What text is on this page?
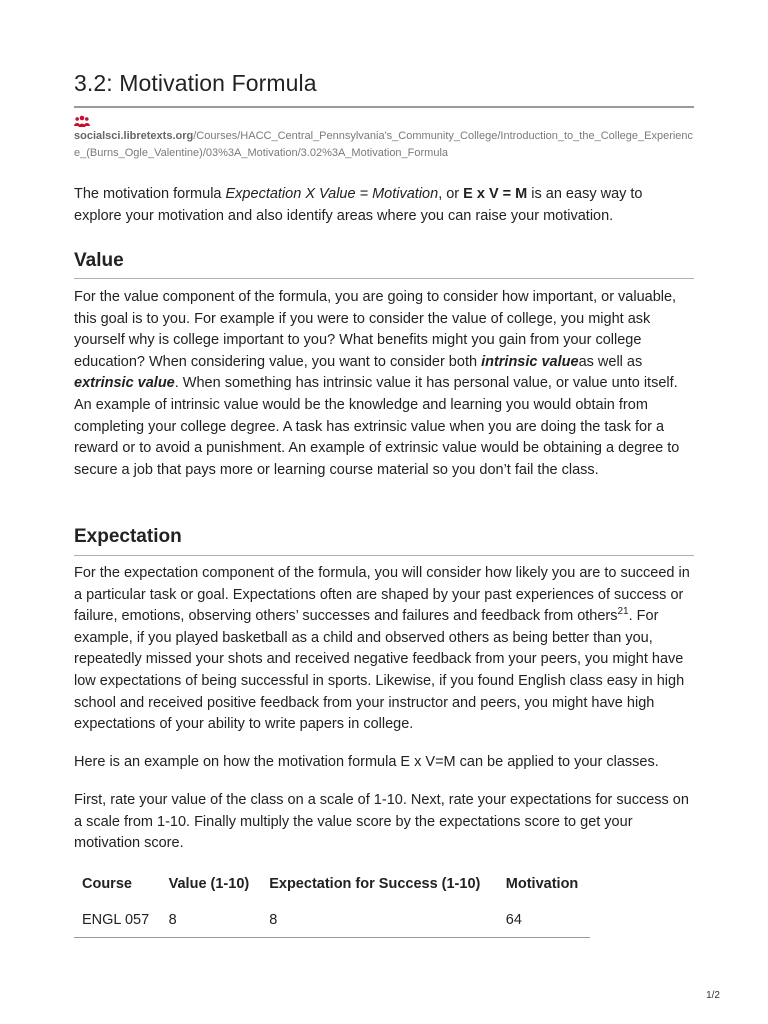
3.2: Motivation Formula
socialsci.libretexts.org/Courses/HACC_Central_Pennsylvania's_Community_College/Introduction_to_the_College_Experience_(Burns_Ogle_Valentine)/03%3A_Motivation/3.02%3A_Motivation_Formula

The motivation formula Expectation X Value = Motivation, or E x V = M is an easy way to explore your motivation and also identify areas where you can raise your motivation.

Value

For the value component of the formula, you are going to consider how important, or valuable, this goal is to you. For example if you were to consider the value of college, you might ask yourself why is college important to you? What benefits might you gain from your college education? When considering value, you want to consider both intrinsic valueas well as extrinsic value. When something has intrinsic value it has personal value, or value unto itself. An example of intrinsic value would be the knowledge and learning you would obtain from completing your college degree. A task has extrinsic value when you are doing the task for a reward or to avoid a punishment. An example of extrinsic value would be obtaining a degree to secure a job that pays more or learning course material so you don’t fail the class.

Expectation

For the expectation component of the formula, you will consider how likely you are to succeed in a particular task or goal. Expectations often are shaped by your past experiences of success or failure, emotions, observing others’ successes and failures and feedback from others$^{21}$. For example, if you played basketball as a child and observed others as being better than you, repeatedly missed your shots and received negative feedback from your peers, you might have low expectations of being successful in sports. Likewise, if you found English class easy in high school and received positive feedback from your instructor and peers, you might have high expectations of your ability to write papers in college.

Here is an example on how the motivation formula E x V=M can be applied to your classes.

First, rate your value of the class on a scale of 1-10. Next, rate your expectations for success on a scale from 1-10. Finally multiply the value score by the expectations score to get your motivation score.

Course	Value (1-10)	Expectation for Success (1-10)	Motivation
ENGL 057	8	8	64
1/2
